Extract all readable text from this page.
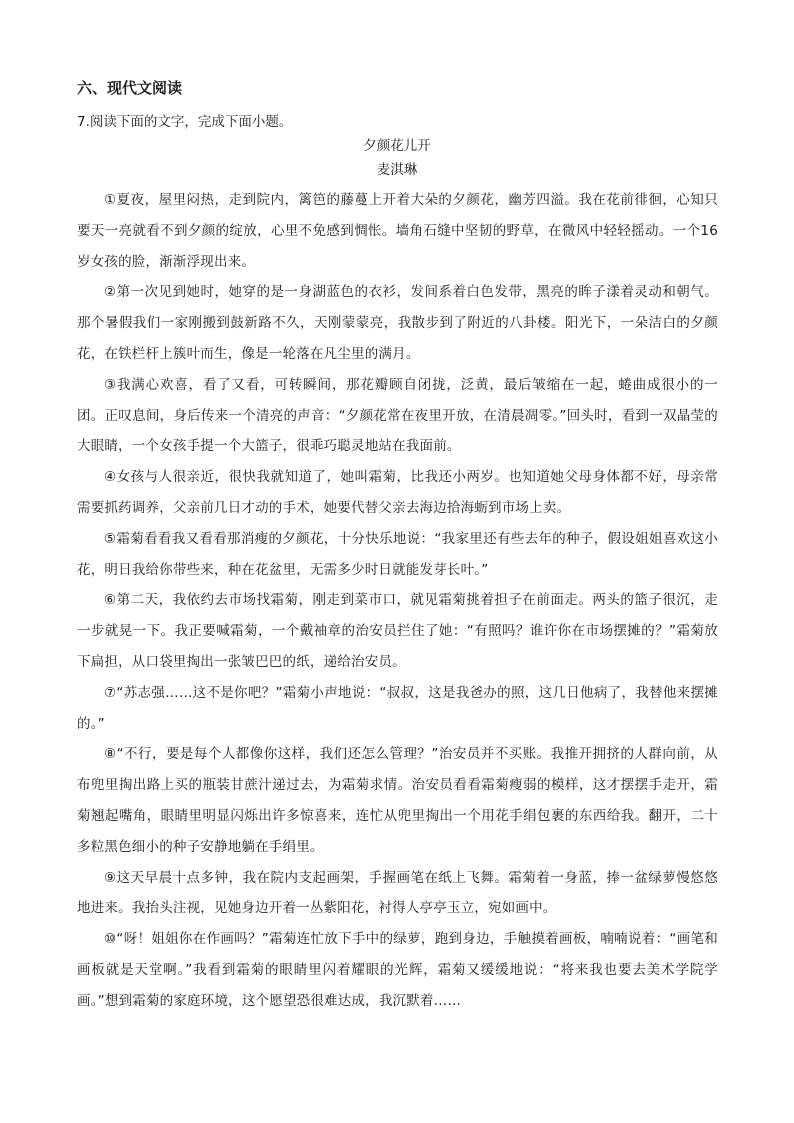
六、现代文阅读

7.阅读下面的文字，完成下面小题。

夕颜花儿开

麦淇琳

①夏夜，屋里闷热，走到院内，篱笆的藤蔓上开着大朵的夕颜花，幽芳四溢。我在花前徘徊，心知只要天一亮就看不到夕颜的绽放，心里不免感到惆怅。墙角石缝中坚韧的野草，在微风中轻轻摇动。一个16岁女孩的脸，渐渐浮现出来。

②第一次见到她时，她穿的是一身湖蓝色的衣衫，发间系着白色发带，黑亮的眸子漾着灵动和朝气。那个暑假我们一家刚搬到鼓新路不久，天刚蒙蒙亮，我散步到了附近的八卦楼。阳光下，一朵洁白的夕颜花，在铁栏杆上簇叶而生，像是一轮落在凡尘里的满月。

③我满心欢喜，看了又看，可转瞬间，那花瓣顾自闭拢，泛黄，最后皱缩在一起，蜷曲成很小的一团。正叹息间，身后传来一个清亮的声音：“夕颜花常在夜里开放，在清晨凋零。”回头时，看到一双晶莹的大眼睛，一个女孩手提一个大篮子，很乖巧聪灵地站在我面前。

④女孩与人很亲近，很快我就知道了，她叫霜菊，比我还小两岁。也知道她父母身体都不好，母亲常需要抓药调养，父亲前几日才动的手术，她要代替父亲去海边拾海蛎到市场上卖。

⑤霜菊看看我又看看那消瘦的夕颜花，十分快乐地说：“我家里还有些去年的种子，假设姐姐喜欢这小花，明日我给你带些来，种在花盆里，无需多少时日就能发芽长叶。”

⑥第二天，我依约去市场找霜菊，刚走到菜市口，就见霜菊挑着担子在前面走。两头的篮子很沉，走一步就晃一下。我正要喊霜菊，一个戴袖章的治安员拦住了她：“有照吗？谁许你在市场摆摊的？”霜菊放下扁担，从口袋里掏出一张皱巴巴的纸，递给治安员。

⑦“苏志强……这不是你吧？”霜菊小声地说：“叔叔，这是我爸办的照，这几日他病了，我替他来摆摊的。”

⑧“不行，要是每个人都像你这样，我们还怎么管理？”治安员并不买账。我推开拥挤的人群向前，从布兜里掏出路上买的瓶装甘蔗汁递过去，为霜菊求情。治安员看看霜菊瘦弱的模样，这才摆摆手走开，霜菊翘起嘴角，眼睛里明显闪烁出许多惊喜来，连忙从兜里掏出一个用花手绢包裹的东西给我。翻开，二十多粒黑色细小的种子安静地躺在手绢里。

⑨这天早晨十点多钟，我在院内支起画架，手握画笔在纸上飞舞。霜菊着一身蓝，捧一盆绿萝慢悠悠地进来。我抬头注视，见她身边开着一丛紫阳花，衬得人亭亭玉立，宛如画中。

⑩“呀！姐姐你在作画吗？”霜菊连忙放下手中的绿萝，跑到身边，手触摸着画板，喃喃说着：“画笔和画板就是天堂啊。”我看到霜菊的眼睛里闪着耀眼的光辉，霜菊又缓缓地说：“将来我也要去美术学院学画。”想到霜菊的家庭环境，这个愿望恐很难达成，我沉默着……
